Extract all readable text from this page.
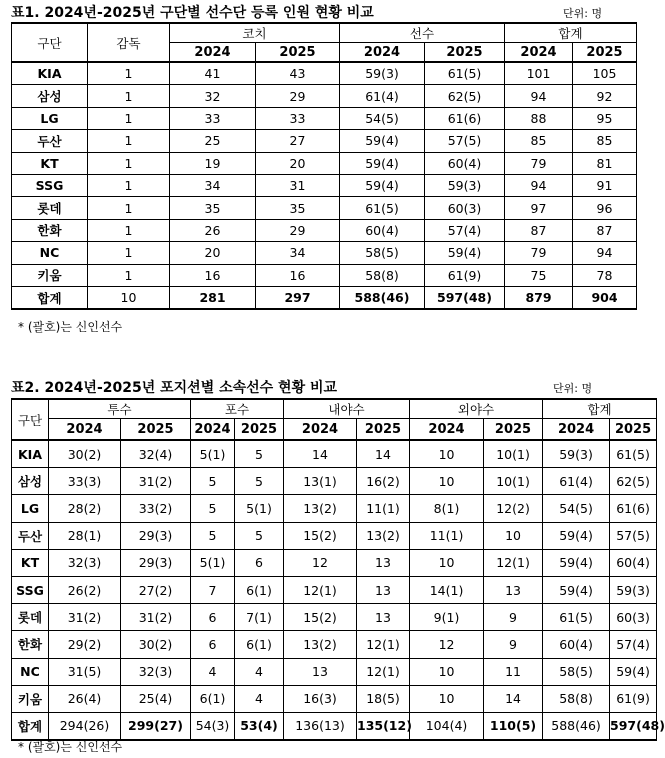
표1. 2024년-2025년 구단별 선수단 등록 인원 현황 비교	단위: 명
구단	감독	코치		선수		합계	
		2024	2025	2024	2025	2024	2025
KIA	1	41	43	59(3)	61(5)	101	105
삼성	1	32	29	61(4)	62(5)	94	92
LG	1	33	33	54(5)	61(6)	88	95
두산	1	25	27	59(4)	57(5)	85	85
KT	1	19	20	59(4)	60(4)	79	81
SSG	1	34	31	59(4)	59(3)	94	91
롯데	1	35	35	61(5)	60(3)	97	96
한화	1	26	29	60(4)	57(4)	87	87
NC	1	20	34	58(5)	59(4)	79	94
키움	1	16	16	58(8)	61(9)	75	78
합계	10	281	297	588(46)	597(48)	879	904
* (괄호)는 신인선수
표2. 2024년-2025년 포지션별 소속선수 현황 비교	단위: 명
구단	투수		포수		내야수		외야수		합계	
	2024	2025	2024	2025	2024	2025	2024	2025	2024	2025
KIA	30(2)	32(4)	5(1)	5	14	14	10	10(1)	59(3)	61(5)
삼성	33(3)	31(2)	5	5	13(1)	16(2)	10	10(1)	61(4)	62(5)
LG	28(2)	33(2)	5	5(1)	13(2)	11(1)	8(1)	12(2)	54(5)	61(6)
두산	28(1)	29(3)	5	5	15(2)	13(2)	11(1)	10	59(4)	57(5)
KT	32(3)	29(3)	5(1)	6	12	13	10	12(1)	59(4)	60(4)
SSG	26(2)	27(2)	7	6(1)	12(1)	13	14(1)	13	59(4)	59(3)
롯데	31(2)	31(2)	6	7(1)	15(2)	13	9(1)	9	61(5)	60(3)
한화	29(2)	30(2)	6	6(1)	13(2)	12(1)	12	9	60(4)	57(4)
NC	31(5)	32(3)	4	4	13	12(1)	10	11	58(5)	59(4)
키움	26(4)	25(4)	6(1)	4	16(3)	18(5)	10	14	58(8)	61(9)
합계	294(26)	299(27)	54(3)	53(4)	136(13)	135(12)	104(4)	110(5)	588(46)	597(48)
* (괄호)는 신인선수
